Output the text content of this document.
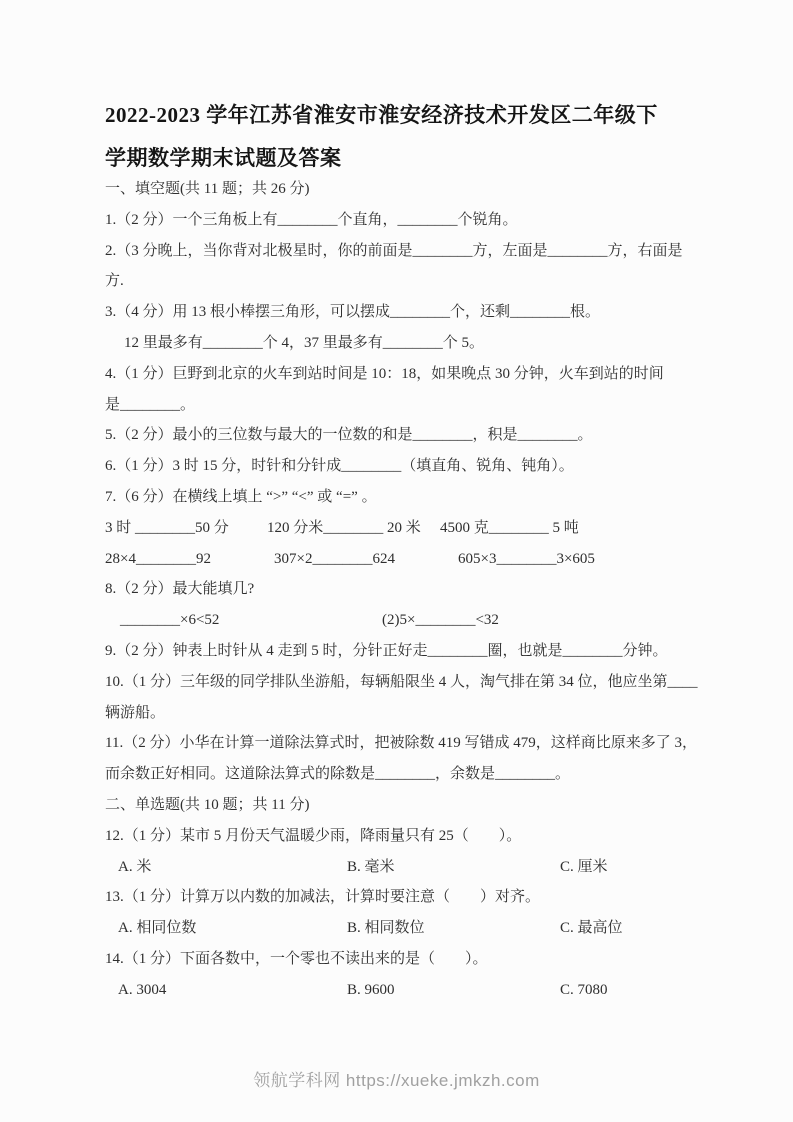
2022-2023 学年江苏省淮安市淮安经济技术开发区二年级下
学期数学期末试题及答案
一、填空题(共 11 题；共 26 分)
1.（2 分）一个三角板上有________个直角，________个锐角。
2.（3 分晚上，当你背对北极星时，你的前面是________方，左面是________方，右面是
方.
3.（4 分）用 13 根小棒摆三角形，可以摆成________个，还剩________根。
12 里最多有________个 4，37 里最多有________个 5。
4.（1 分）巨野到北京的火车到站时间是 10：18，如果晚点 30 分钟，火车到站的时间
是________。
5.（2 分）最小的三位数与最大的一位数的和是________，积是________。
6.（1 分）3 时 15 分，时针和分针成________（填直角、锐角、钝角）。
7.（6 分）在横线上填上 “>” “<” 或 “=” 。
3 时 ________50 分	120 分米________ 20 米 4500 克________ 5 吨
28×4________92	307×2________624	605×3________3×605
8.（2 分）最大能填几?
________×6<52	(2)5×________<32
9.（2 分）钟表上时针从 4 走到 5 时，分针正好走________圈，也就是________分钟。
10.（1 分）三年级的同学排队坐游船，每辆船限坐 4 人，淘气排在第 34 位，他应坐第____
辆游船。
11.（2 分）小华在计算一道除法算式时，把被除数 419 写错成 479，这样商比原来多了 3，
而余数正好相同。这道除法算式的除数是________，余数是________。
二、单选题(共 10 题；共 11 分)
12.（1 分）某市 5 月份天气温暖少雨，降雨量只有 25（　　）。
A. 米	B. 毫米	C. 厘米
13.（1 分）计算万以内数的加减法，计算时要注意（　　）对齐。
A. 相同位数	B. 相同数位	C. 最高位
14.（1 分）下面各数中，一个零也不读出来的是（　　）。
A. 3004	B. 9600	C. 7080
领航学科网 https://xueke.jmkzh.com
